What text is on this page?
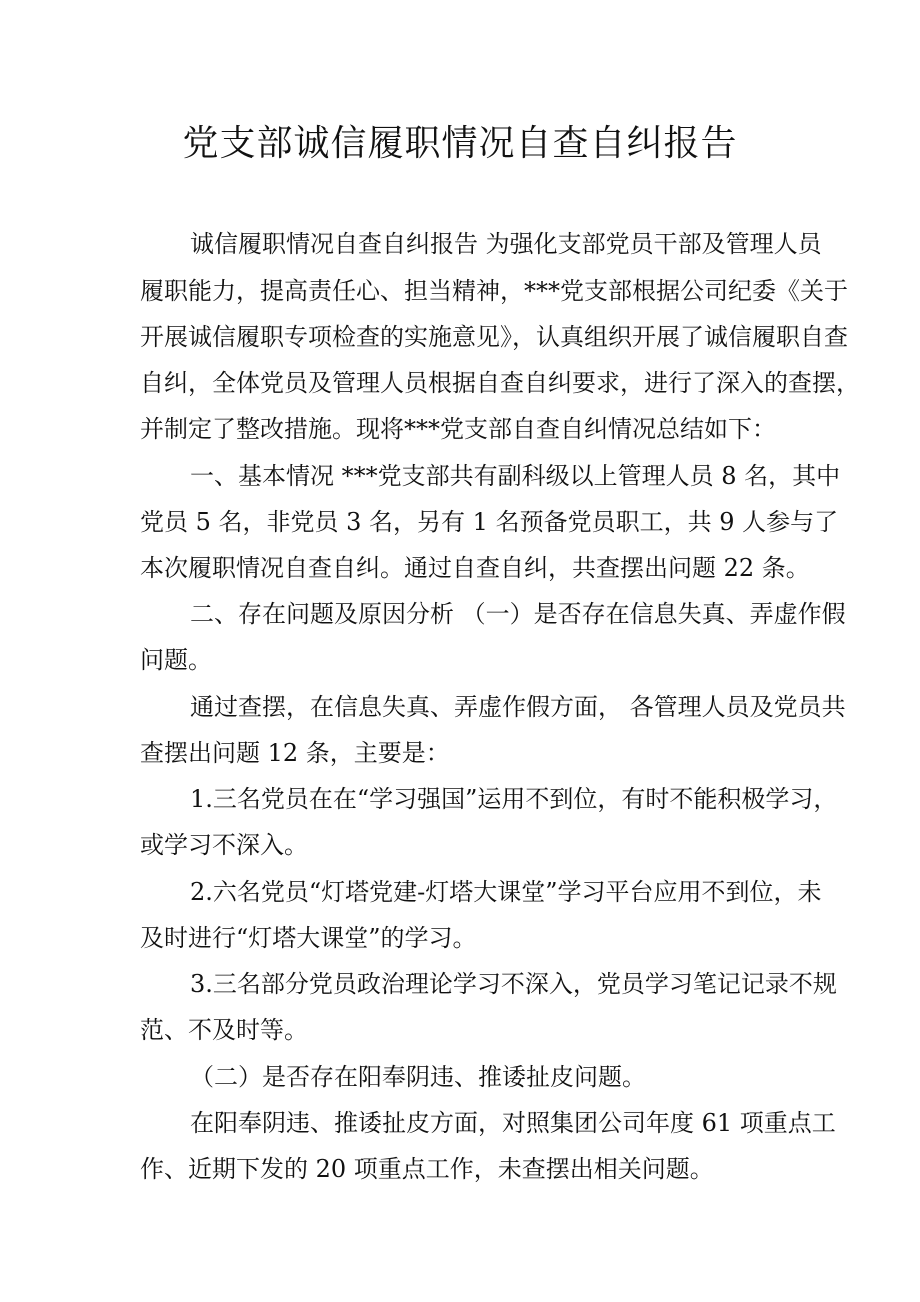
党支部诚信履职情况自查自纠报告

诚信履职情况自查自纠报告 为强化支部党员干部及管理人员

履职能力，提高责任心、担当精神，***党支部根据公司纪委《关于

开展诚信履职专项检查的实施意见》，认真组织开展了诚信履职自查

自纠，全体党员及管理人员根据自查自纠要求，进行了深入的查摆，

并制定了整改措施。现将***党支部自查自纠情况总结如下：

一、基本情况 ***党支部共有副科级以上管理人员 8 名，其中

党员 5 名，非党员 3 名，另有 1 名预备党员职工，共 9 人参与了

本次履职情况自查自纠。通过自查自纠，共查摆出问题 22 条。

二、存在问题及原因分析 （一）是否存在信息失真、弄虚作假

问题。

通过查摆，在信息失真、弄虚作假方面， 各管理人员及党员共

查摆出问题 12 条，主要是：

1.三名党员在在“学习强国”运用不到位，有时不能积极学习，

或学习不深入。

2.六名党员“灯塔党建-灯塔大课堂”学习平台应用不到位，未

及时进行“灯塔大课堂”的学习。

3.三名部分党员政治理论学习不深入，党员学习笔记记录不规

范、不及时等。

（二）是否存在阳奉阴违、推诿扯皮问题。

在阳奉阴违、推诿扯皮方面，对照集团公司年度 61 项重点工

作、近期下发的 20 项重点工作，未查摆出相关问题。
